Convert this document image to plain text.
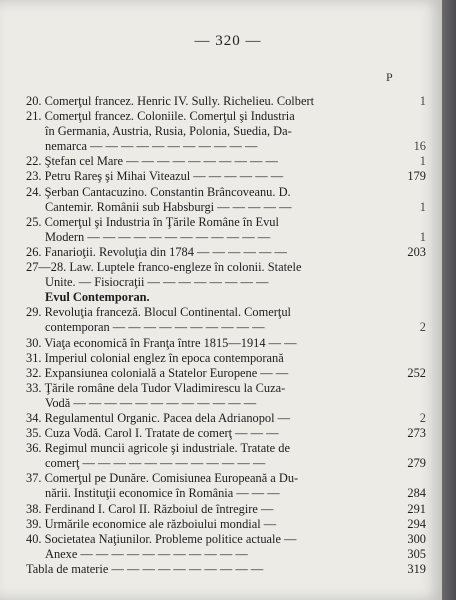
— 320 —
P
20. Comerţul francez. Henric IV. Sully. Richelieu. Colbert	1
21. Comerţul francez. Coloniile. Comerţul şi Industria
în Germania, Austria, Rusia, Polonia, Suedia, Da-
nemarca — — — — — — — — — — —	16
22. Ştefan cel Mare — — — — — — — — — —	1
23. Petru Rareş şi Mihai Viteazul — — — — — —	179
24. Şerban Cantacuzino. Constantin Brâncoveanu. D.
Cantemir. Românii sub Habsburgi — — — — —	1
25. Comerţul şi Industria în Ţările Române în Evul
Modern — — — — — — — — — — — —	1
26. Fanarioţii. Revoluţia din 1784 — — — — — —	203
27—28. Law. Luptele franco-engleze în colonii. Statele
Unite. — Fisiocraţii — — — — — — — —
Evul Contemporan.
29. Revoluţia franceză. Blocul Continental. Comerţul
contemporan — — — — — — — — — —	2
30. Viaţa economică în Franţa între 1815—1914 — —
31. Imperiul colonial englez în epoca contemporană
32. Expansiunea colonială a Statelor Europene — —	252
33. Ţările române dela Tudor Vladimirescu la Cuza-
Vodă — — — — — — — — — — — —
34. Regulamentul Organic. Pacea dela Adrianopol —	2
35. Cuza Vodă. Carol I. Tratate de comerţ — — —	273
36. Regimul muncii agricole şi industriale. Tratate de
comerţ — — — — — — — — — — — —	279
37. Comerţul pe Dunăre. Comisiunea Europeană a Du-
nării. Instituţii economice în România — — —	284
38. Ferdinand I. Carol II. Războiul de întregire —	291
39. Urmările economice ale războiului mondial —	294
40. Societatea Naţiunilor. Probleme politice actuale —	300
Anexe — — — — — — — — — — —	305
Tabla de materie — — — — — — — — — —	319
